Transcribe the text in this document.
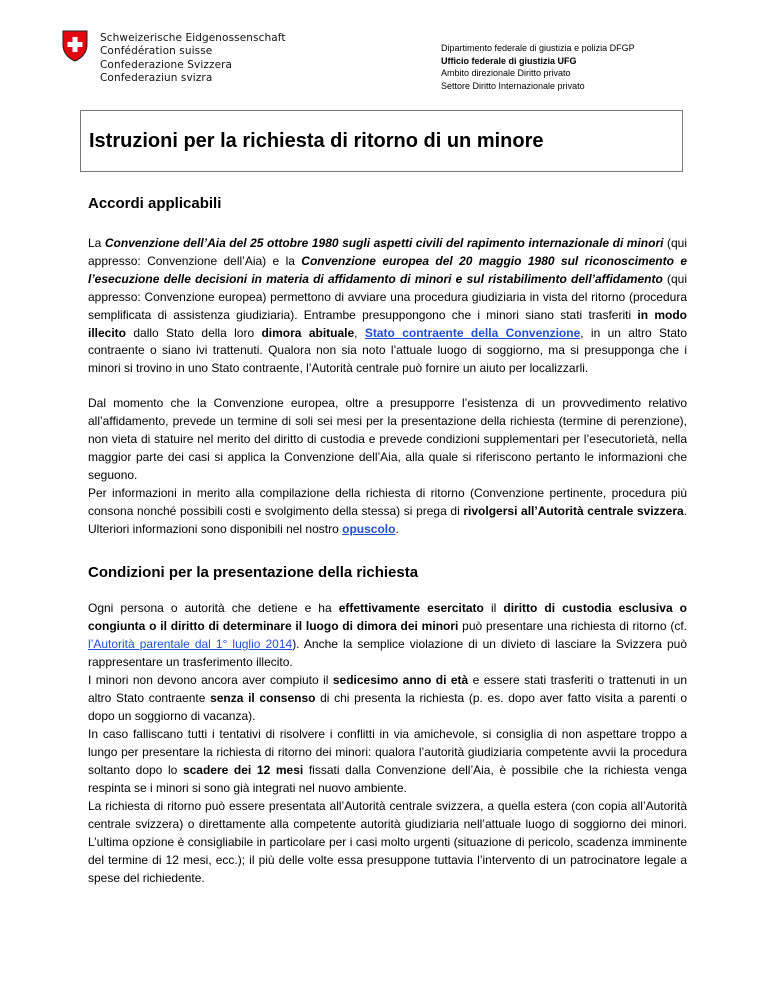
Schweizerische Eidgenossenschaft
Confédération suisse
Confederazione Svizzera
Confederaziun svizra
Dipartimento federale di giustizia e polizia DFGP
Ufficio federale di giustizia UFG
Ambito direzionale Diritto privato
Settore Diritto Internazionale privato
Istruzioni per la richiesta di ritorno di un minore
Accordi applicabili

La Convenzione dell’Aia del 25 ottobre 1980 sugli aspetti civili del rapimento internazionale di minori (qui appresso: Convenzione dell’Aia) e la Convenzione europea del 20 maggio 1980 sul riconoscimento e l’esecuzione delle decisioni in materia di affidamento di minori e sul ristabilimento dell’affidamento (qui appresso: Convenzione europea) permettono di avviare una procedura giudiziaria in vista del ritorno (procedura semplificata di assistenza giudiziaria). Entrambe presuppongono che i minori siano stati trasferiti in modo illecito dallo Stato della loro dimora abituale, Stato contraente della Convenzione, in un altro Stato contraente o siano ivi trattenuti. Qualora non sia noto l’attuale luogo di soggiorno, ma si presupponga che i minori si trovino in uno Stato contraente, l’Autorità centrale può fornire un aiuto per localizzarli.

Dal momento che la Convenzione europea, oltre a presupporre l’esistenza di un provvedimento relativo all’affidamento, prevede un termine di soli sei mesi per la presentazione della richiesta (termine di perenzione), non vieta di statuire nel merito del diritto di custodia e prevede condizioni supplementari per l’esecutorietà, nella maggior parte dei casi si applica la Convenzione dell’Aia, alla quale si riferiscono pertanto le informazioni che seguono.

Per informazioni in merito alla compilazione della richiesta di ritorno (Convenzione pertinente, procedura più consona nonché possibili costi e svolgimento della stessa) si prega di rivolgersi all’Autorità centrale svizzera. Ulteriori informazioni sono disponibili nel nostro opuscolo.

Condizioni per la presentazione della richiesta

Ogni persona o autorità che detiene e ha effettivamente esercitato il diritto di custodia esclusiva o congiunta o il diritto di determinare il luogo di dimora dei minori può presentare una richiesta di ritorno (cf. l’Autorità parentale dal 1° luglio 2014). Anche la semplice violazione di un divieto di lasciare la Svizzera può rappresentare un trasferimento illecito.

I minori non devono ancora aver compiuto il sedicesimo anno di età e essere stati trasferiti o trattenuti in un altro Stato contraente senza il consenso di chi presenta la richiesta (p. es. dopo aver fatto visita a parenti o dopo un soggiorno di vacanza).

In caso falliscano tutti i tentativi di risolvere i conflitti in via amichevole, si consiglia di non aspettare troppo a lungo per presentare la richiesta di ritorno dei minori: qualora l’autorità giudiziaria competente avvii la procedura soltanto dopo lo scadere dei 12 mesi fissati dalla Convenzione dell’Aia, è possibile che la richiesta venga respinta se i minori si sono già integrati nel nuovo ambiente.

La richiesta di ritorno può essere presentata all’Autorità centrale svizzera, a quella estera (con copia all’Autorità centrale svizzera) o direttamente alla competente autorità giudiziaria nell’attuale luogo di soggiorno dei minori. L’ultima opzione è consigliabile in particolare per i casi molto urgenti (situazione di pericolo, scadenza imminente del termine di 12 mesi, ecc.); il più delle volte essa presuppone tuttavia l’intervento di un patrocinatore legale a spese del richiedente.
